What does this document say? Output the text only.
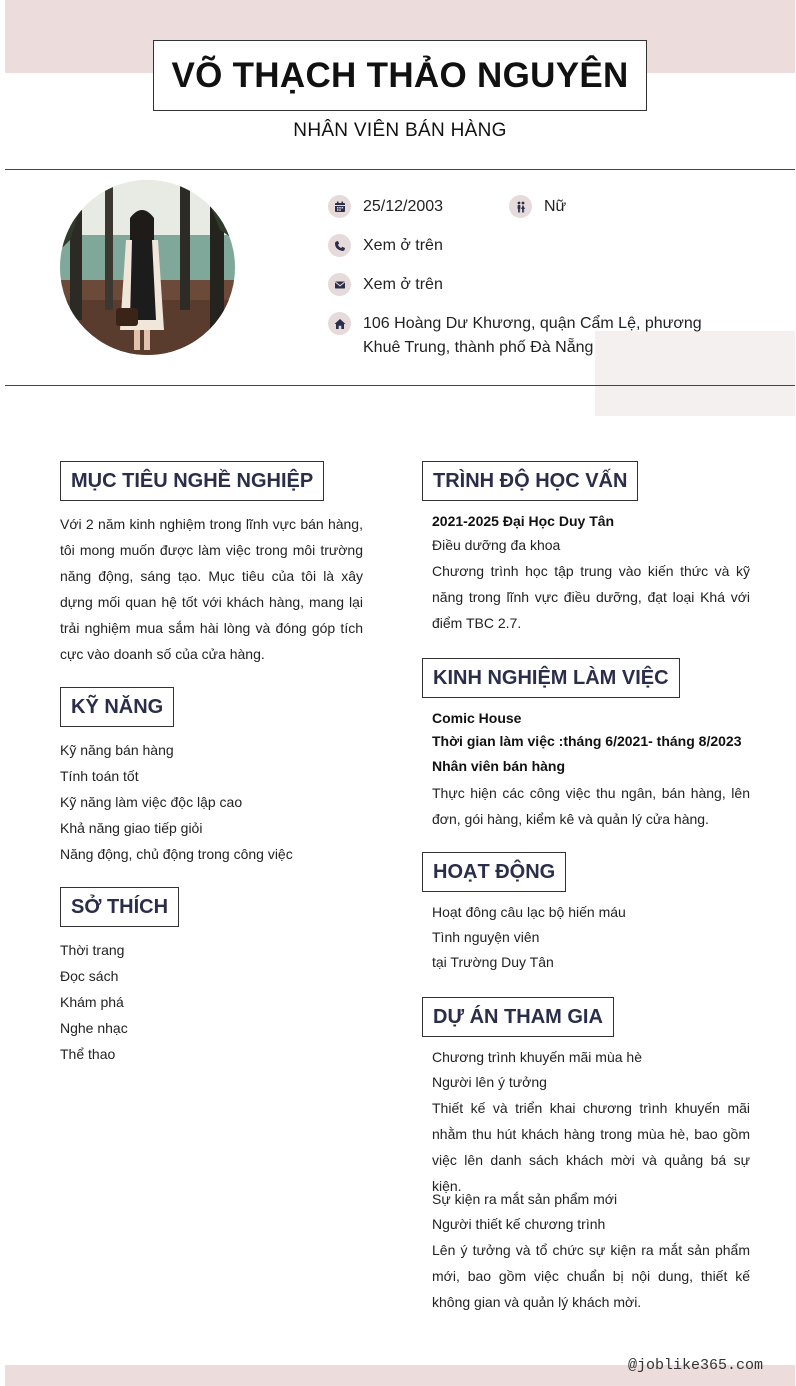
VÕ THẠCH THẢO NGUYÊN
NHÂN VIÊN BÁN HÀNG
25/12/2003	Nữ
Xem ở trên
Xem ở trên
106 Hoàng Dư Khương, quận Cẩm Lệ, phương
Khuê Trung, thành phố Đà Nẵng
MỤC TIÊU NGHỀ NGHIỆP
Với 2 năm kinh nghiệm trong lĩnh vực bán hàng, tôi mong muốn được làm việc trong môi trường năng động, sáng tạo. Mục tiêu của tôi là xây dựng mối quan hệ tốt với khách hàng, mang lại trải nghiệm mua sắm hài lòng và đóng góp tích cực vào doanh số của cửa hàng.
KỸ NĂNG
Kỹ năng bán hàng
Tính toán tốt
Kỹ năng làm việc độc lập cao
Khả năng giao tiếp giỏi
Năng động, chủ động trong công việc
SỞ THÍCH
Thời trang
Đọc sách
Khám phá
Nghe nhạc
Thể thao
TRÌNH ĐỘ HỌC VẤN
2021-2025 Đại Học Duy Tân
Điều dưỡng đa khoa
Chương trình học tập trung vào kiến thức và kỹ năng trong lĩnh vực điều dưỡng, đạt loại Khá với điểm TBC 2.7.
KINH NGHIỆM LÀM VIỆC
Comic House
Thời gian làm việc :tháng 6/2021- tháng 8/2023
Nhân viên bán hàng
Thực hiện các công việc thu ngân, bán hàng, lên đơn, gói hàng, kiểm kê và quản lý cửa hàng.
HOẠT ĐỘNG
Hoạt đông câu lạc bộ hiến máu
Tình nguyện viên
tại Trường Duy Tân
DỰ ÁN THAM GIA
Chương trình khuyến mãi mùa hè
Người lên ý tưởng
Thiết kế và triển khai chương trình khuyến mãi nhằm thu hút khách hàng trong mùa hè, bao gồm việc lên danh sách khách mời và quảng bá sự kiện.
Sự kiện ra mắt sản phẩm mới
Người thiết kế chương trình
Lên ý tưởng và tổ chức sự kiện ra mắt sản phẩm mới, bao gồm việc chuẩn bị nội dung, thiết kế không gian và quản lý khách mời.
@joblike365.com
